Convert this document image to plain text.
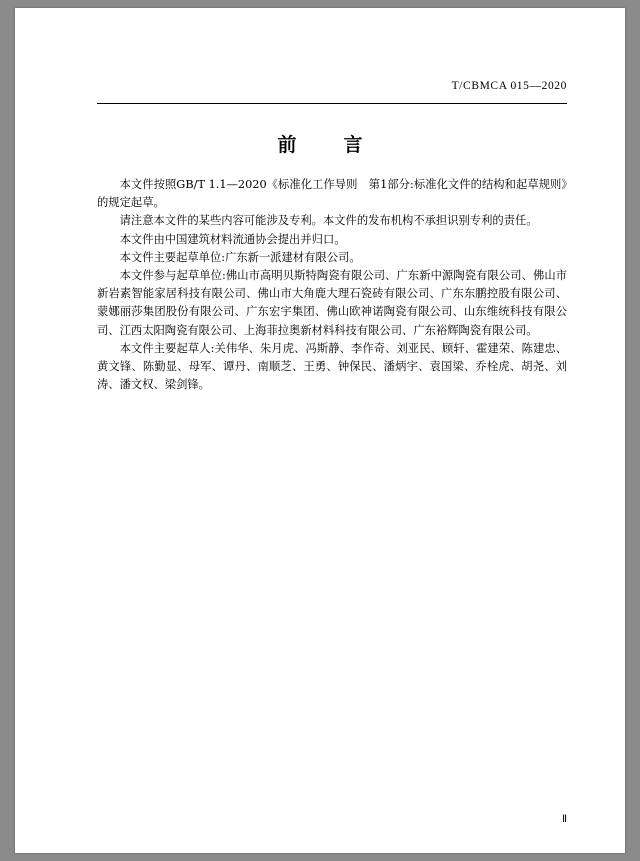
T/CBMCA 015—2020
前　言

本文件按照GB/T 1.1—2020《标准化工作导则　第1部分:标准化文件的结构和起草规则》的规定起草。

请注意本文件的某些内容可能涉及专利。本文件的发布机构不承担识别专利的责任。

本文件由中国建筑材料流通协会提出并归口。

本文件主要起草单位:广东新一派建材有限公司。

本文件参与起草单位:佛山市高明贝斯特陶瓷有限公司、广东新中源陶瓷有限公司、佛山市新岩素智能家居科技有限公司、佛山市大角鹿大理石瓷砖有限公司、广东东鹏控股有限公司、蒙娜丽莎集团股份有限公司、广东宏宇集团、佛山欧神诺陶瓷有限公司、山东维统科技有限公司、江西太阳陶瓷有限公司、上海菲拉奥新材料科技有限公司、广东裕辉陶瓷有限公司。

本文件主要起草人:关伟华、朱月虎、冯斯静、李作奇、刘亚民、顾轩、霍建荣、陈建忠、黄文锋、陈勤显、母军、谭丹、南顺芝、王勇、钟保民、潘炳宇、袁国梁、乔栓虎、胡尧、刘涛、潘文权、梁剑锋。

Ⅱ
